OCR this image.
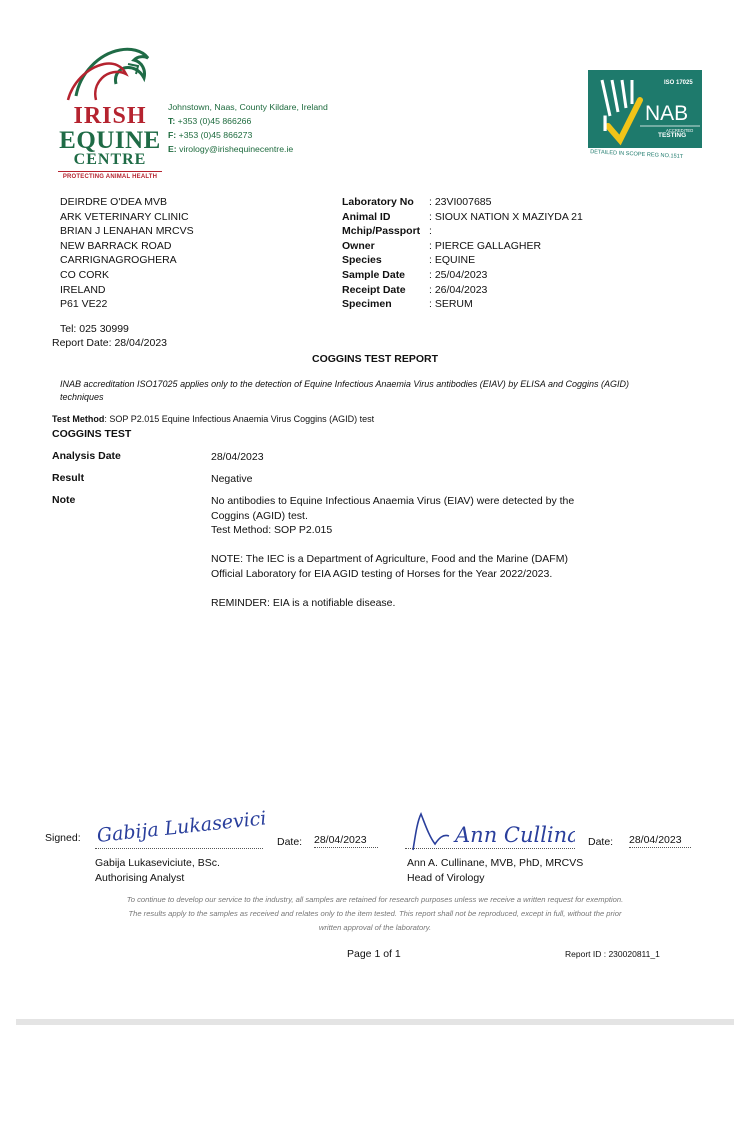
IRISH
EQUINE
CENTRE
PROTECTING ANIMAL HEALTH
Johnstown, Naas, County Kildare, Ireland
T: +353 (0)45 866266
F: +353 (0)45 866273
E: virology@irishequinecentre.ie
I NAB
TESTING
ISO 17025
ACCREDITED
DETAILED IN SCOPE REG NO.151T
DEIRDRE O'DEA MVB
ARK VETERINARY CLINIC
BRIAN J LENAHAN MRCVS
NEW BARRACK ROAD
CARRIGNAGROGHERA
CO CORK
IRELAND
P61 VE22
Laboratory No	: 23VI007685
Animal ID	: SIOUX NATION X MAZIYDA 21
Mchip/Passport :
Owner	: PIERCE GALLAGHER
Species	: EQUINE
Sample Date	: 25/04/2023
Receipt Date	: 26/04/2023
Specimen	: SERUM
Tel: 025 30999
Report Date: 28/04/2023
COGGINS TEST REPORT
INAB accreditation ISO17025 applies only to the detection of Equine Infectious Anaemia Virus antibodies (EIAV) by ELISA and Coggins (AGID) techniques
Test Method: SOP P2.015 Equine Infectious Anaemia Virus Coggins (AGID) test
COGGINS TEST
Analysis Date	28/04/2023
Result	Negative
Note	No antibodies to Equine Infectious Anaemia Virus (EIAV) were detected by the Coggins (AGID) test.
Test Method: SOP P2.015
NOTE: The IEC is a Department of Agriculture, Food and the Marine (DAFM) Official Laboratory for EIA AGID testing of Horses for the Year 2022/2023.
REMINDER: EIA is a notifiable disease.
Signed: Gabija Lukaseviciute
Date: 28/04/2023
Gabija Lukaseviciute, BSc.
Authorising Analyst
Ann Cullin	Date: 28/04/2023
Ann A. Cullinane, MVB, PhD, MRCVS
Head of Virology
To continue to develop our service to the industry, all samples are retained for research purposes unless we receive a written request for exemption.
The results apply to the samples as received and relates only to the item tested. This report shall not be reproduced, except in full, without the prior
written approval of the laboratory.
Page 1 of 1	Report ID : 230020811_1
